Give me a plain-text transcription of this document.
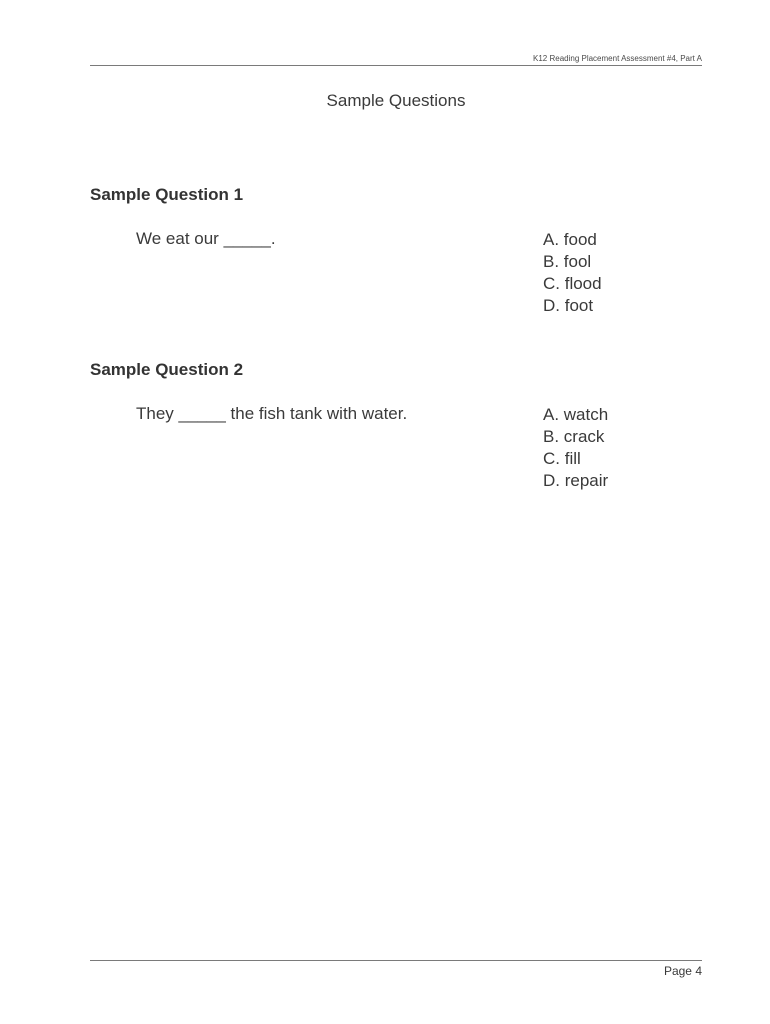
K12 Reading Placement Assessment #4, Part A
Sample Questions
Sample Question 1
We eat our _____.	A. food
B. fool
C. flood
D. foot
Sample Question 2
They _____ the fish tank with water.	A. watch
B. crack
C. fill
D. repair
Page 4
